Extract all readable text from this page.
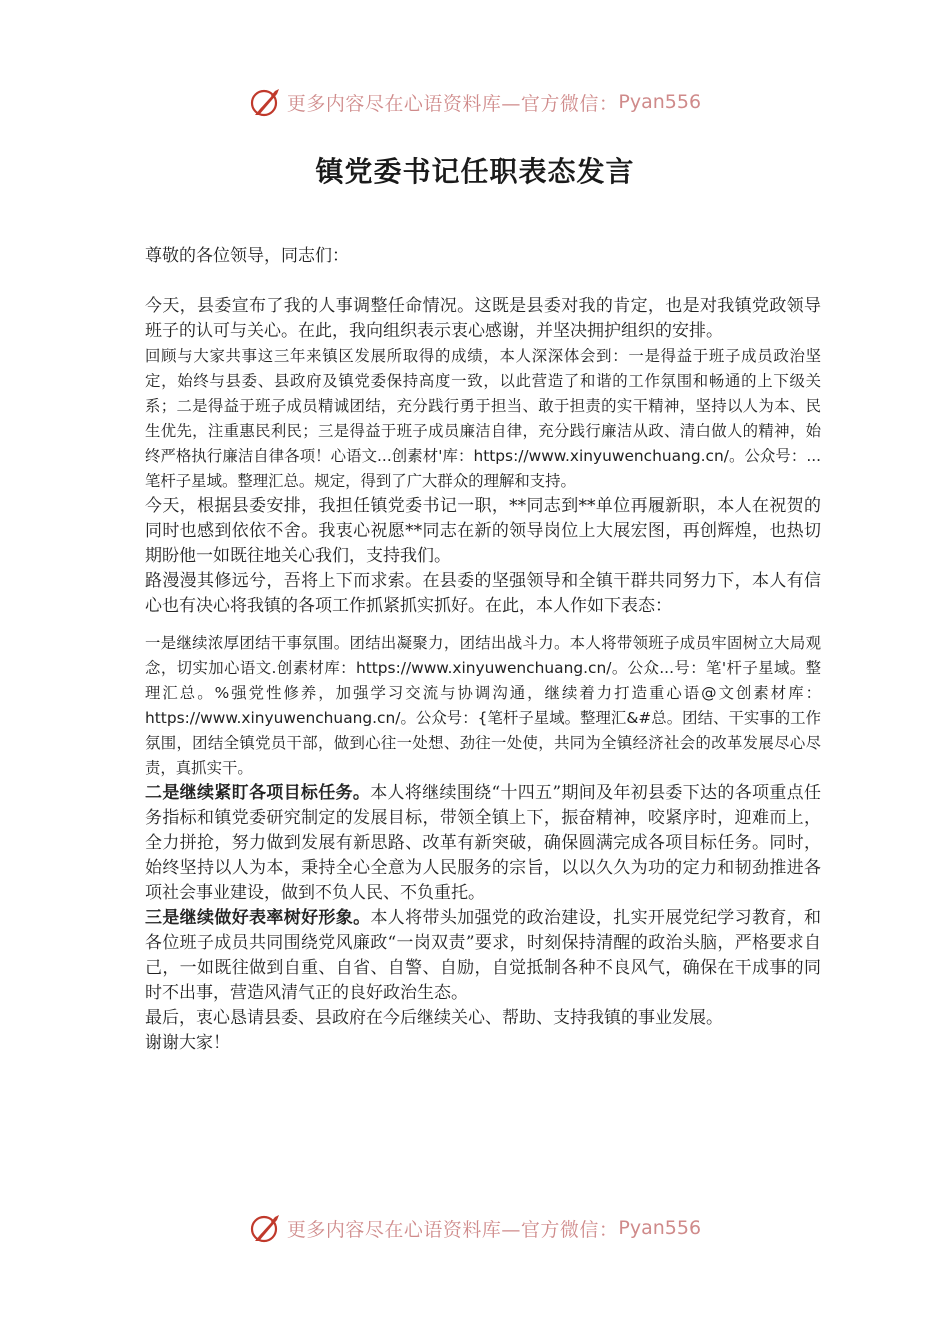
更多内容尽在心语资料库—官方微信： Pyan556
镇党委书记任职表态发言

尊敬的各位领导，同志们：

今天，县委宣布了我的人事调整任命情况。这既是县委对我的肯定，也是对我镇党政领导班子的认可与关心。在此，我向组织表示衷心感谢，并坚决拥护组织的安排。

回顾与大家共事这三年来镇区发展所取得的成绩，本人深深体会到：一是得益于班子成员政治坚定，始终与县委、县政府及镇党委保持高度一致，以此营造了和谐的工作氛围和畅通的上下级关系；二是得益于班子成员精诚团结，充分践行勇于担当、敢于担责的实干精神，坚持以人为本、民生优先，注重惠民利民；三是得益于班子成员廉洁自律，充分践行廉洁从政、清白做人的精神，始终严格执行廉洁自律各项！心语文...创素材'库：https://www.xinyuwenchuang.cn/。公众号：...笔杆子星域。整理汇总。规定，得到了广大群众的理解和支持。

今天，根据县委安排，我担任镇党委书记一职，**同志到**单位再履新职，本人在祝贺的同时也感到依依不舍。我衷心祝愿**同志在新的领导岗位上大展宏图，再创辉煌，也热切期盼他一如既往地关心我们，支持我们。

路漫漫其修远兮，吾将上下而求索。在县委的坚强领导和全镇干群共同努力下，本人有信心也有决心将我镇的各项工作抓紧抓实抓好。在此，本人作如下表态：

一是继续浓厚团结干事氛围。团结出凝聚力，团结出战斗力。本人将带领班子成员牢固树立大局观念，切实加心语文.创素材库：https://www.xinyuwenchuang.cn/。公众...号：笔'杆子星域。整理汇总。%强党性修养，加强学习交流与协调沟通，继续着力打造重心语@文创素材库：https://www.xinyuwenchuang.cn/。公众号：{笔杆子星域。整理汇&#总。团结、干实事的工作氛围，团结全镇党员干部，做到心往一处想、劲往一处使，共同为全镇经济社会的改革发展尽心尽责，真抓实干。

二是继续紧盯各项目标任务。本人将继续围绕“十四五”期间及年初县委下达的各项重点任务指标和镇党委研究制定的发展目标，带领全镇上下，振奋精神，咬紧序时，迎难而上，全力拼抢，努力做到发展有新思路、改革有新突破，确保圆满完成各项目标任务。同时，始终坚持以人为本，秉持全心全意为人民服务的宗旨，以以久久为功的定力和韧劲推进各项社会事业建设，做到不负人民、不负重托。

三是继续做好表率树好形象。本人将带头加强党的政治建设，扎实开展党纪学习教育，和各位班子成员共同围绕党风廉政“一岗双责”要求，时刻保持清醒的政治头脑，严格要求自己，一如既往做到自重、自省、自警、自励，自觉抵制各种不良风气，确保在干成事的同时不出事，营造风清气正的良好政治生态。

最后，衷心恳请县委、县政府在今后继续关心、帮助、支持我镇的事业发展。

谢谢大家！

更多内容尽在心语资料库—官方微信： Pyan556
